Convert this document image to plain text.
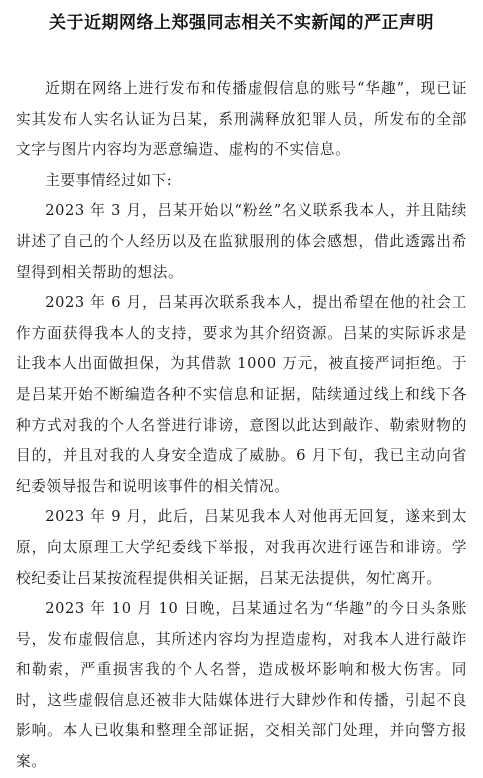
关于近期网络上郑强同志相关不实新闻的严正声明

近期在网络上进行发布和传播虚假信息的账号“华趣”，现已证实其发布人实名认证为吕某，系刑满释放犯罪人员，所发布的全部文字与图片内容均为恶意编造、虚构的不实信息。

主要事情经过如下:

2023 年 3 月，吕某开始以“粉丝”名义联系我本人，并且陆续讲述了自己的个人经历以及在监狱服刑的体会感想，借此透露出希望得到相关帮助的想法。

2023 年 6 月，吕某再次联系我本人，提出希望在他的社会工作方面获得我本人的支持，要求为其介绍资源。吕某的实际诉求是让我本人出面做担保，为其借款 1000 万元，被直接严词拒绝。于是吕某开始不断编造各种不实信息和证据，陆续通过线上和线下各种方式对我的个人名誉进行诽谤，意图以此达到敲诈、勒索财物的目的，并且对我的人身安全造成了威胁。6 月下旬，我已主动向省纪委领导报告和说明该事件的相关情况。

2023 年 9 月，此后，吕某见我本人对他再无回复，遂来到太原，向太原理工大学纪委线下举报，对我再次进行诬告和诽谤。学校纪委让吕某按流程提供相关证据，吕某无法提供，匆忙离开。

2023 年 10 月 10 日晚，吕某通过名为“华趣”的今日头条账号，发布虚假信息，其所述内容均为捏造虚构，对我本人进行敲诈和勒索，严重损害我的个人名誉，造成极坏影响和极大伤害。同时，这些虚假信息还被非大陆媒体进行大肆炒作和传播，引起不良影响。本人已收集和整理全部证据，交相关部门处理，并向警方报案。
